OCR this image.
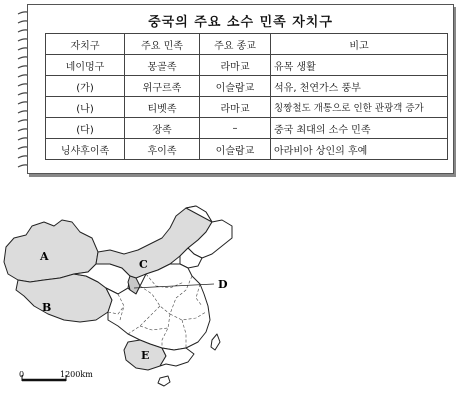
중국의 주요 소수 민족 자치구
자치구	주요 민족	주요 종교	비고
네이멍구	몽골족	라마교	유목 생활
(가)	위구르족	이슬람교	석유, 천연가스 풍부
(나)	티벳족	라마교	칭짱철도 개통으로 인한 관광객 증가
(다)	장족	–	중국 최대의 소수 민족
닝샤후이족	후이족	이슬람교	아라비아 상인의 후예
A
B
C
E
D
0	1200km
